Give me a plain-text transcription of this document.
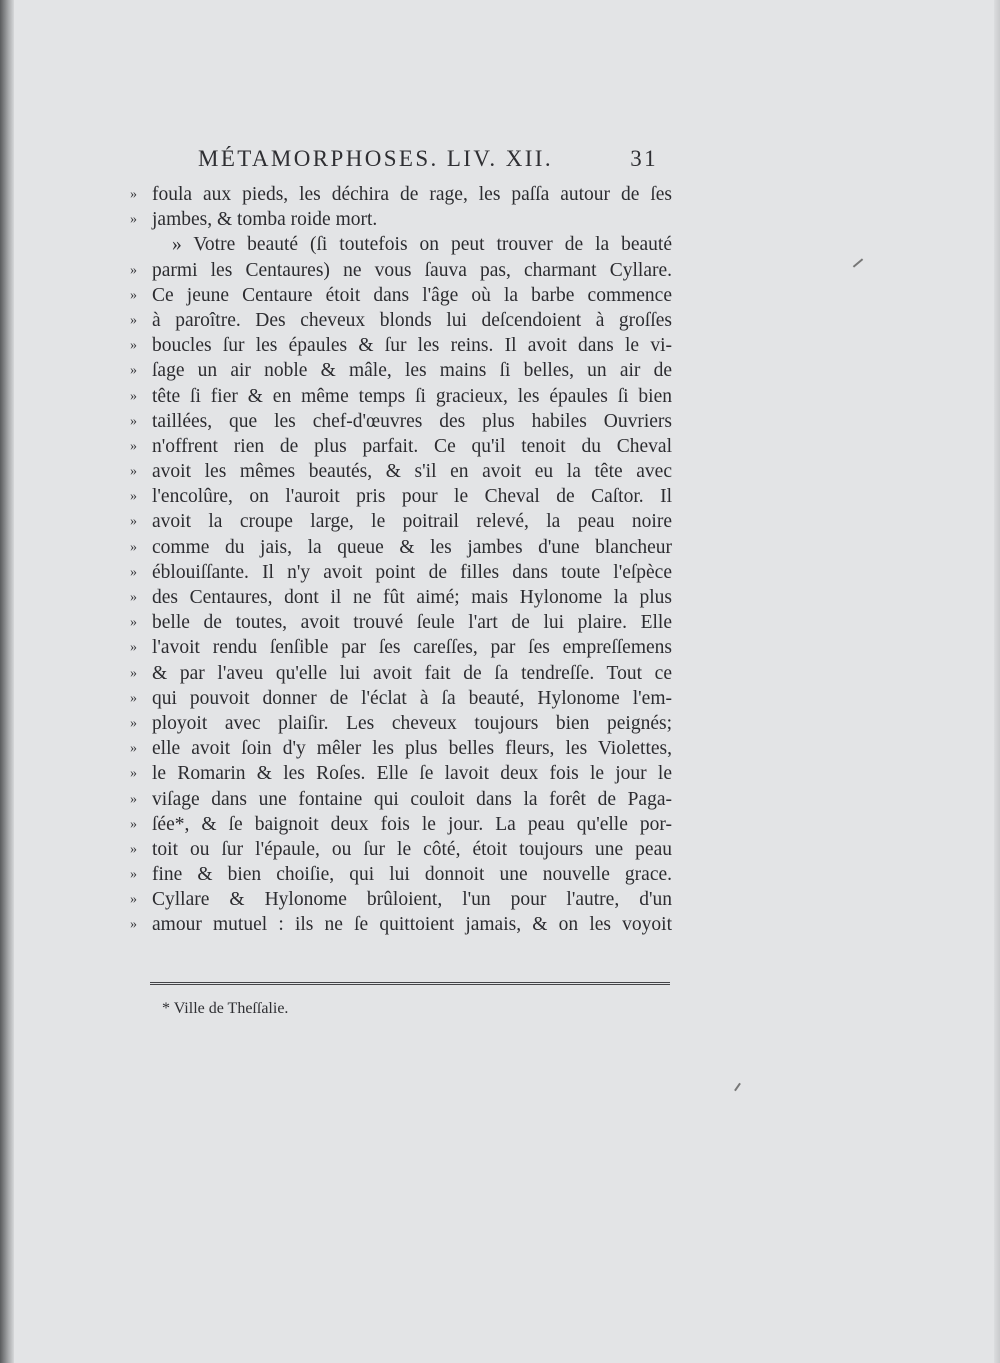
MÉTAMORPHOSES. LIV. XII.	31
» foula aux pieds, les déchira de rage, les paſſa autour de ſes
» jambes, & tomba roide mort.
» Votre beauté (ſi toutefois on peut trouver de la beauté
» parmi les Centaures) ne vous ſauva pas, charmant Cyllare.
» Ce jeune Centaure étoit dans l'âge où la barbe commence
» à paroître. Des cheveux blonds lui deſcendoient à groſſes
» boucles ſur les épaules & ſur les reins. Il avoit dans le vi-
» ſage un air noble & mâle, les mains ſi belles, un air de
» tête ſi fier & en même temps ſi gracieux, les épaules ſi bien
» taillées, que les chef-d'œuvres des plus habiles Ouvriers
» n'offrent rien de plus parfait. Ce qu'il tenoit du Cheval
» avoit les mêmes beautés, & s'il en avoit eu la tête avec
» l'encolûre, on l'auroit pris pour le Cheval de Caſtor. Il
» avoit la croupe large, le poitrail relevé, la peau noire
» comme du jais, la queue & les jambes d'une blancheur
» éblouiſſante. Il n'y avoit point de filles dans toute l'eſpèce
» des Centaures, dont il ne fût aimé; mais Hylonome la plus
» belle de toutes, avoit trouvé ſeule l'art de lui plaire. Elle
» l'avoit rendu ſenſible par ſes careſſes, par ſes empreſſemens
» & par l'aveu qu'elle lui avoit fait de ſa tendreſſe. Tout ce
» qui pouvoit donner de l'éclat à ſa beauté, Hylonome l'em-
» ployoit avec plaiſir. Les cheveux toujours bien peignés;
» elle avoit ſoin d'y mêler les plus belles fleurs, les Violettes,
» le Romarin & les Roſes. Elle ſe lavoit deux fois le jour le
» viſage dans une fontaine qui couloit dans la forêt de Paga-
» ſée*, & ſe baignoit deux fois le jour. La peau qu'elle por-
» toit ou ſur l'épaule, ou ſur le côté, étoit toujours une peau
» fine & bien choiſie, qui lui donnoit une nouvelle grace.
» Cyllare & Hylonome brûloient, l'un pour l'autre, d'un
» amour mutuel : ils ne ſe quittoient jamais, & on les voyoit
* Ville de Theſſalie.
